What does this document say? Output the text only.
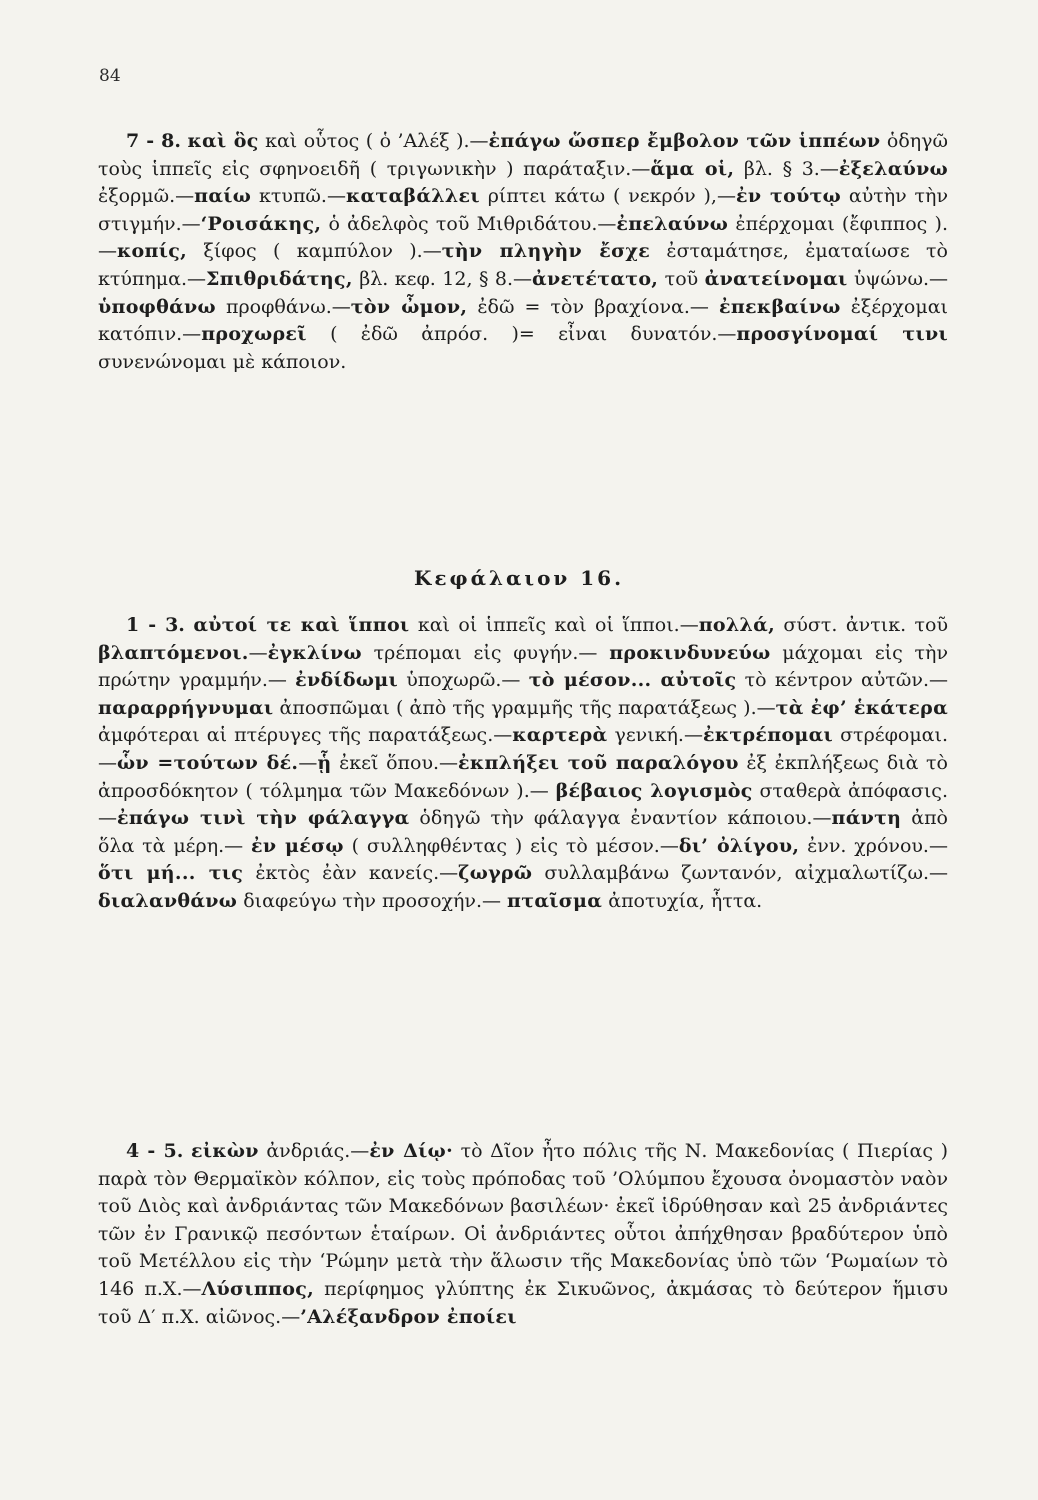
84

7 - 8. καὶ ὃς καὶ οὗτος ( ὁ ’Αλέξ ).—ἐπάγω ὥσπερ ἔμβολον τῶν ἱππέων ὁδηγῶ τοὺς ἱππεῖς εἰς σφηνοειδῆ ( τριγωνικὴν ) παράταξιν.—ἅμα οἱ, βλ. § 3.—ἐξελαύνω ἐξορμῶ.—παίω κτυπῶ.—καταβάλλει ρίπτει κάτω ( νεκρόν ),—ἐν τούτῳ αὐτὴν τὴν στιγμήν.—‘Ροισάκης, ὁ ἀδελφὸς τοῦ Μιθριδάτου.—ἐπελαύνω ἐπέρχομαι (ἔφιππος ).—κοπίς, ξίφος ( καμπύλον ).—τὴν πληγὴν ἔσχε ἐσταμάτησε, ἐματαίωσε τὸ κτύπημα.—Σπιθριδάτης, βλ. κεφ. 12, § 8.—ἀνετέτατο, τοῦ ἀνατείνομαι ὑψώνω.—ὑποφθάνω προφθάνω.—τὸν ὦμον, ἐδῶ = τὸν βραχίονα.— ἐπεκβαίνω ἐξέρχομαι κατόπιν.—προχωρεῖ ( ἐδῶ ἀπρόσ. )= εἶναι δυνατόν.—προσγίνομαί τινι συνενώνομαι μὲ κάποιον.

Κεφάλαιον 16.

1 - 3. αὐτοί τε καὶ ἵπποι καὶ οἱ ἱππεῖς καὶ οἱ ἵπποι.—πολλά, σύστ. ἀντικ. τοῦ βλαπτόμενοι.—ἐγκλίνω τρέπομαι εἰς φυγήν.— προκινδυνεύω μάχομαι εἰς τὴν πρώτην γραμμήν.— ἐνδίδωμι ὑποχωρῶ.— τὸ μέσον... αὐτοῖς τὸ κέντρον αὐτῶν.—παραρρήγνυμαι ἀποσπῶμαι ( ἀπὸ τῆς γραμμῆς τῆς παρατάξεως ).—τὰ ἐφ’ ἑκάτερα ἀμφότεραι αἱ πτέρυγες τῆς παρατάξεως.—καρτερὰ γενική.—ἐκτρέπομαι στρέφομαι.—ὧν =τούτων δέ.—ᾗ ἐκεῖ ὅπου.—ἐκπλήξει τοῦ παραλόγου ἐξ ἐκπλήξεως διὰ τὸ ἀπροσδόκητον ( τόλμημα τῶν Μακεδόνων ).— βέβαιος λογισμὸς σταθερὰ ἀπόφασις.—ἐπάγω τινὶ τὴν φάλαγγα ὁδηγῶ τὴν φάλαγγα ἐναντίον κάποιου.—πάντη ἀπὸ ὅλα τὰ μέρη.— ἐν μέσῳ ( συλληφθέντας ) εἰς τὸ μέσον.—δι’ ὀλίγου, ἐνν. χρόνου.— ὅτι μή... τις ἐκτὸς ἐὰν κανείς.—ζωγρῶ συλλαμβάνω ζωντανόν, αἰχμαλωτίζω.—διαλανθάνω διαφεύγω τὴν προσοχήν.— πταῖσμα ἀποτυχία, ἧττα.

4 - 5. εἰκὼν ἀνδριάς.—ἐν Δίῳ· τὸ Δῖον ἦτο πόλις τῆς Ν. Μακεδονίας ( Πιερίας ) παρὰ τὸν Θερμαϊκὸν κόλπον, εἰς τοὺς πρόποδας τοῦ ’Ολύμπου ἔχουσα ὀνομαστὸν ναὸν τοῦ Διὸς καὶ ἀνδριάντας τῶν Μακεδόνων βασιλέων· ἐκεῖ ἱδρύθησαν καὶ 25 ἀνδριάντες τῶν ἐν Γρανικῷ πεσόντων ἑταίρων. Οἱ ἀνδριάντες οὗτοι ἀπήχθησαν βραδύτερον ὑπὸ τοῦ Μετέλλου εἰς τὴν ‘Ρώμην μετὰ τὴν ἅλωσιν τῆς Μακεδονίας ὑπὸ τῶν ‘Ρωμαίων τὸ 146 π.Χ.—Λύσιππος, περίφημος γλύπτης ἐκ Σικυῶνος, ἀκμάσας τὸ δεύτερον ἥμισυ τοῦ Δ′ π.Χ. αἰῶνος.—’Αλέξανδρον ἐποίει
